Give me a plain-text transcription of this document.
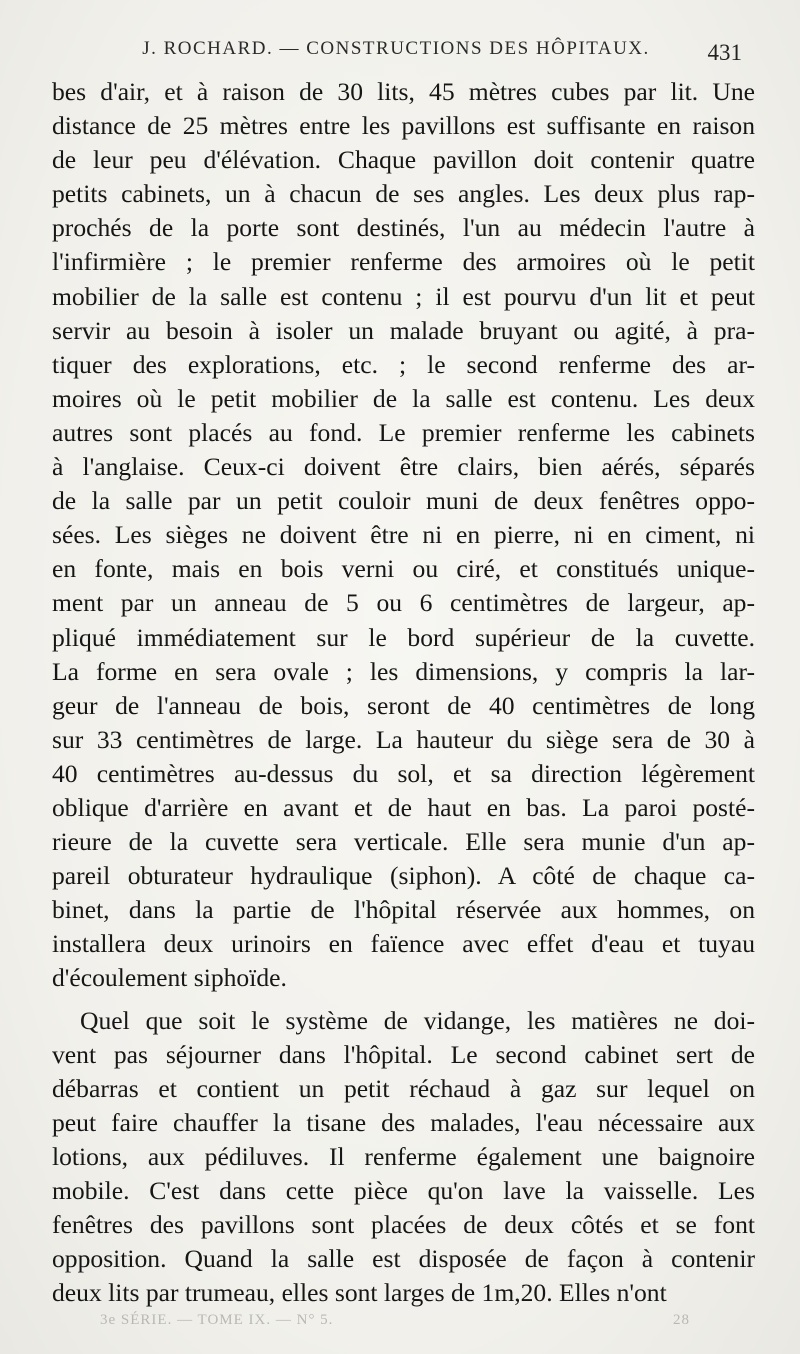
J. ROCHARD. — CONSTRUCTIONS DES HÔPITAUX.	431
bes d'air, et à raison de 30 lits, 45 mètres cubes par lit. Une
distance de 25 mètres entre les pavillons est suffisante en raison
de leur peu d'élévation. Chaque pavillon doit contenir quatre
petits cabinets, un à chacun de ses angles. Les deux plus rap-
prochés de la porte sont destinés, l'un au médecin l'autre à
l'infirmière ; le premier renferme des armoires où le petit
mobilier de la salle est contenu ; il est pourvu d'un lit et peut
servir au besoin à isoler un malade bruyant ou agité, à pra-
tiquer des explorations, etc. ; le second renferme des ar-
moires où le petit mobilier de la salle est contenu. Les deux
autres sont placés au fond. Le premier renferme les cabinets
à l'anglaise. Ceux-ci doivent être clairs, bien aérés, séparés
de la salle par un petit couloir muni de deux fenêtres oppo-
sées. Les sièges ne doivent être ni en pierre, ni en ciment, ni
en fonte, mais en bois verni ou ciré, et constitués unique-
ment par un anneau de 5 ou 6 centimètres de largeur, ap-
pliqué immédiatement sur le bord supérieur de la cuvette.
La forme en sera ovale ; les dimensions, y compris la lar-
geur de l'anneau de bois, seront de 40 centimètres de long
sur 33 centimètres de large. La hauteur du siège sera de 30 à
40 centimètres au-dessus du sol, et sa direction légèrement
oblique d'arrière en avant et de haut en bas. La paroi posté-
rieure de la cuvette sera verticale. Elle sera munie d'un ap-
pareil obturateur hydraulique (siphon). A côté de chaque ca-
binet, dans la partie de l'hôpital réservée aux hommes, on
installera deux urinoirs en faïence avec effet d'eau et tuyau
d'écoulement siphoïde.
Quel que soit le système de vidange, les matières ne doi-
vent pas séjourner dans l'hôpital. Le second cabinet sert de
débarras et contient un petit réchaud à gaz sur lequel on
peut faire chauffer la tisane des malades, l'eau nécessaire aux
lotions, aux pédiluves. Il renferme également une baignoire
mobile. C'est dans cette pièce qu'on lave la vaisselle. Les
fenêtres des pavillons sont placées de deux côtés et se font
opposition. Quand la salle est disposée de façon à contenir
deux lits par trumeau, elles sont larges de 1m,20. Elles n'ont
3e SÉRIE. — TOME IX. — N° 5.	28
